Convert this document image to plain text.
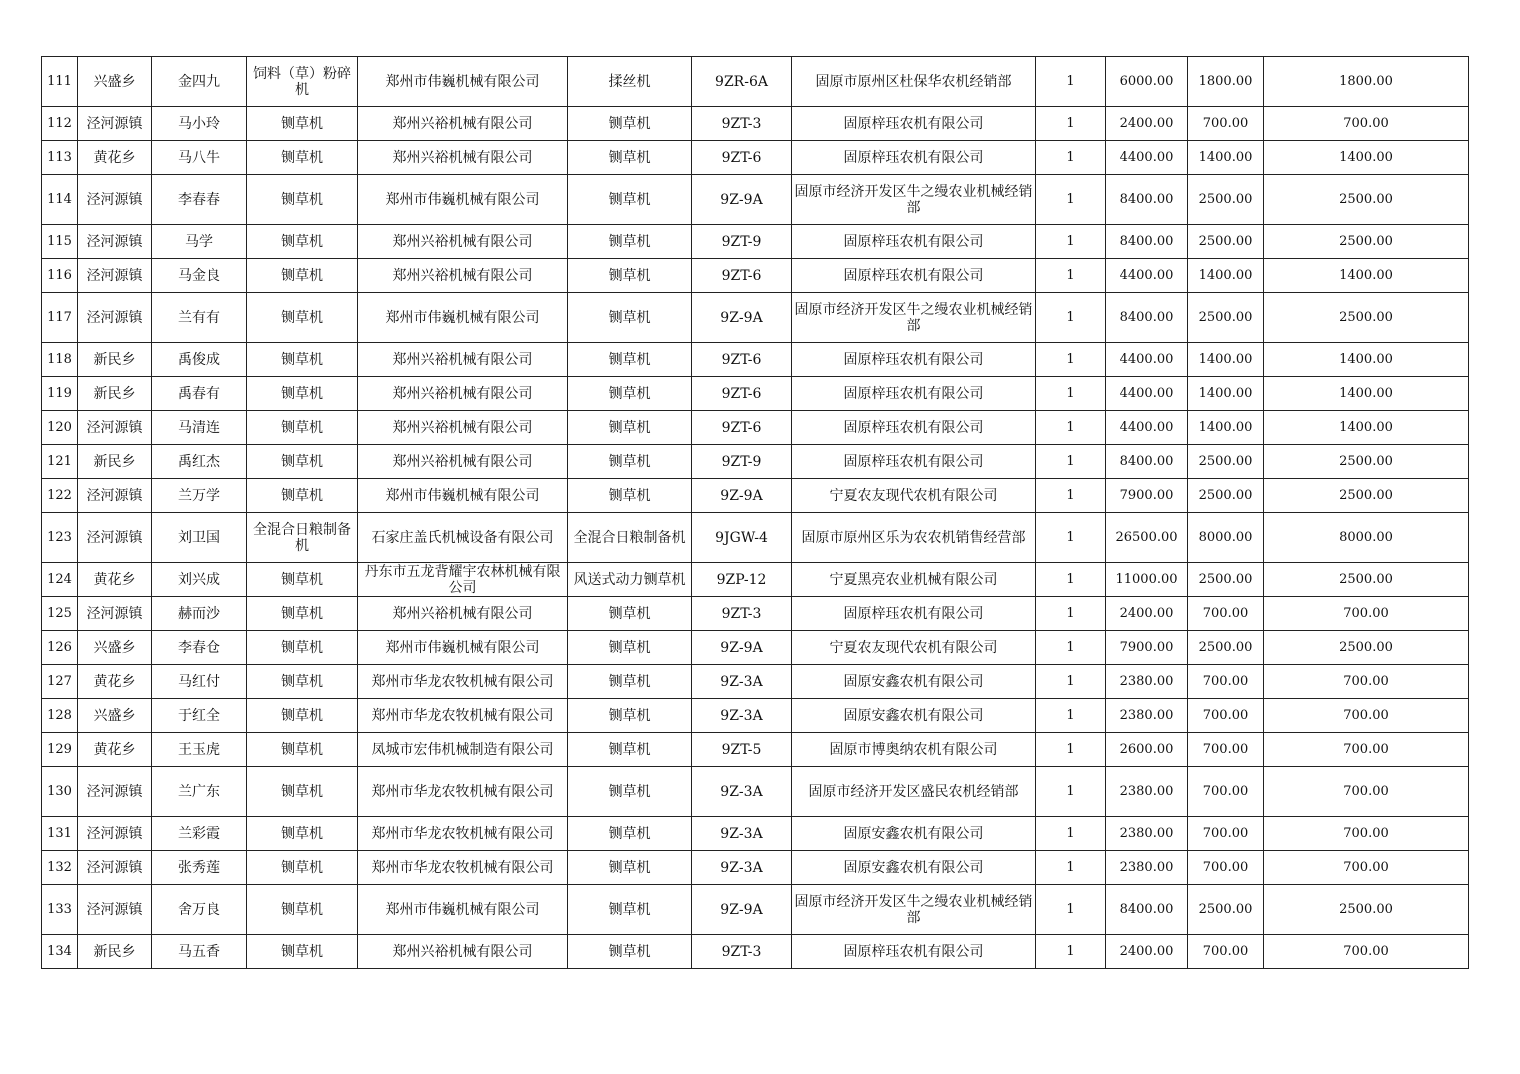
111	兴盛乡	金四九	饲料（草）粉碎机	郑州市伟巍机械有限公司	揉丝机	9ZR-6A	固原市原州区杜保华农机经销部	1	6000.00	1800.00	1800.00
112	泾河源镇	马小玲	铡草机	郑州兴裕机械有限公司	铡草机	9ZT-3	固原梓珏农机有限公司	1	2400.00	700.00	700.00
113	黄花乡	马八牛	铡草机	郑州兴裕机械有限公司	铡草机	9ZT-6	固原梓珏农机有限公司	1	4400.00	1400.00	1400.00
114	泾河源镇	李春春	铡草机	郑州市伟巍机械有限公司	铡草机	9Z-9A	固原市经济开发区牛之缦农业机械经销部	1	8400.00	2500.00	2500.00
115	泾河源镇	马学	铡草机	郑州兴裕机械有限公司	铡草机	9ZT-9	固原梓珏农机有限公司	1	8400.00	2500.00	2500.00
116	泾河源镇	马金良	铡草机	郑州兴裕机械有限公司	铡草机	9ZT-6	固原梓珏农机有限公司	1	4400.00	1400.00	1400.00
117	泾河源镇	兰有有	铡草机	郑州市伟巍机械有限公司	铡草机	9Z-9A	固原市经济开发区牛之缦农业机械经销部	1	8400.00	2500.00	2500.00
118	新民乡	禹俊成	铡草机	郑州兴裕机械有限公司	铡草机	9ZT-6	固原梓珏农机有限公司	1	4400.00	1400.00	1400.00
119	新民乡	禹春有	铡草机	郑州兴裕机械有限公司	铡草机	9ZT-6	固原梓珏农机有限公司	1	4400.00	1400.00	1400.00
120	泾河源镇	马清连	铡草机	郑州兴裕机械有限公司	铡草机	9ZT-6	固原梓珏农机有限公司	1	4400.00	1400.00	1400.00
121	新民乡	禹红杰	铡草机	郑州兴裕机械有限公司	铡草机	9ZT-9	固原梓珏农机有限公司	1	8400.00	2500.00	2500.00
122	泾河源镇	兰万学	铡草机	郑州市伟巍机械有限公司	铡草机	9Z-9A	宁夏农友现代农机有限公司	1	7900.00	2500.00	2500.00
123	泾河源镇	刘卫国	全混合日粮制备机	石家庄盖氏机械设备有限公司	全混合日粮制备机	9JGW-4	固原市原州区乐为农农机销售经营部	1	26500.00	8000.00	8000.00
124	黄花乡	刘兴成	铡草机	丹东市五龙背耀宇农林机械有限公司	风送式动力铡草机	9ZP-12	宁夏黑亮农业机械有限公司	1	11000.00	2500.00	2500.00
125	泾河源镇	赫而沙	铡草机	郑州兴裕机械有限公司	铡草机	9ZT-3	固原梓珏农机有限公司	1	2400.00	700.00	700.00
126	兴盛乡	李春仓	铡草机	郑州市伟巍机械有限公司	铡草机	9Z-9A	宁夏农友现代农机有限公司	1	7900.00	2500.00	2500.00
127	黄花乡	马红付	铡草机	郑州市华龙农牧机械有限公司	铡草机	9Z-3A	固原安鑫农机有限公司	1	2380.00	700.00	700.00
128	兴盛乡	于红全	铡草机	郑州市华龙农牧机械有限公司	铡草机	9Z-3A	固原安鑫农机有限公司	1	2380.00	700.00	700.00
129	黄花乡	王玉虎	铡草机	凤城市宏伟机械制造有限公司	铡草机	9ZT-5	固原市博奥纳农机有限公司	1	2600.00	700.00	700.00
130	泾河源镇	兰广东	铡草机	郑州市华龙农牧机械有限公司	铡草机	9Z-3A	固原市经济开发区盛民农机经销部	1	2380.00	700.00	700.00
131	泾河源镇	兰彩霞	铡草机	郑州市华龙农牧机械有限公司	铡草机	9Z-3A	固原安鑫农机有限公司	1	2380.00	700.00	700.00
132	泾河源镇	张秀莲	铡草机	郑州市华龙农牧机械有限公司	铡草机	9Z-3A	固原安鑫农机有限公司	1	2380.00	700.00	700.00
133	泾河源镇	舍万良	铡草机	郑州市伟巍机械有限公司	铡草机	9Z-9A	固原市经济开发区牛之缦农业机械经销部	1	8400.00	2500.00	2500.00
134	新民乡	马五香	铡草机	郑州兴裕机械有限公司	铡草机	9ZT-3	固原梓珏农机有限公司	1	2400.00	700.00	700.00
